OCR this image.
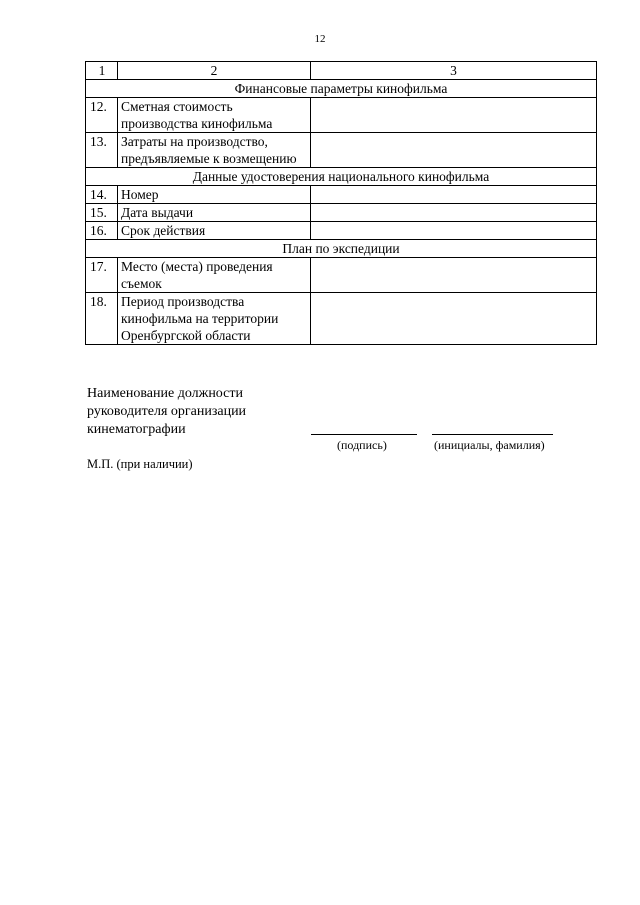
12
1	2	3
Финансовые параметры кинофильма		
12.	Сметная стоимость производства кинофильма	
13.	Затраты на производство, предъявляемые к возмещению	
Данные удостоверения национального кинофильма		
14.	Номер	
15.	Дата выдачи	
16.	Срок действия	
План по экспедиции		
17.	Место (места) проведения съемок	
18.	Период производства кинофильма на территории Оренбургской области	
Наименование должности
руководителя организации
кинематографии
(подпись)	(инициалы, фамилия)
М.П. (при наличии)
